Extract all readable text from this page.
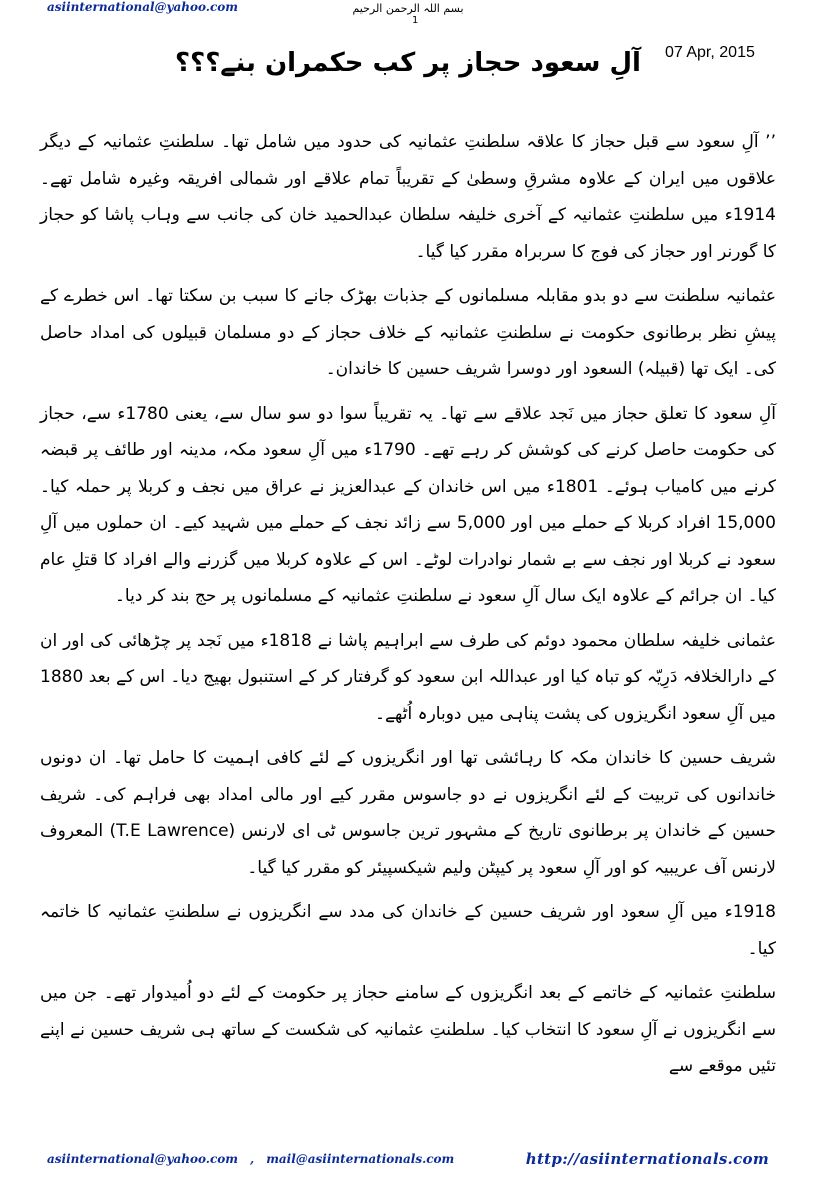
asiinternational@yahoo.com	بسم اللہ الرحمن الرحیم
1
07 Apr, 2015
آلِ سعود حجاز پر کب حکمران بنے؟؟؟

’’ آلِ سعود سے قبل حجاز کا علاقہ سلطنتِ عثمانیہ کی حدود میں شامل تھا۔ سلطنتِ عثمانیہ کے دیگر علاقوں میں ایران کے علاوہ مشرقِ وسطیٰ کے تقریباً تمام علاقے اور شمالی افریقہ وغیرہ شامل تھے۔ 1914ء میں سلطنتِ عثمانیہ کے آخری خلیفہ سلطان عبدالحمید خان کی جانب سے وہاب پاشا کو حجاز کا گورنر اور حجاز کی فوج کا سربراہ مقرر کیا گیا۔

عثمانیہ سلطنت سے دو بدو مقابلہ مسلمانوں کے جذبات بھڑک جانے کا سبب بن سکتا تھا۔ اس خطرے کے پیشِ نظر برطانوی حکومت نے سلطنتِ عثمانیہ کے خلاف حجاز کے دو مسلمان قبیلوں کی امداد حاصل کی۔ ایک تھا (قبیلہ) السعود اور دوسرا شریف حسین کا خاندان۔

آلِ سعود کا تعلق حجاز میں نَجد علاقے سے تھا۔ یہ تقریباً سوا دو سو سال سے، یعنی 1780ء سے، حجاز کی حکومت حاصل کرنے کی کوشش کر رہے تھے۔ 1790ء میں آلِ سعود مکہ، مدینہ اور طائف پر قبضہ کرنے میں کامیاب ہوئے۔ 1801ء میں اس خاندان کے عبدالعزیز نے عراق میں نجف و کربلا پر حملہ کیا۔ 15,000 افراد کربلا کے حملے میں اور 5,000 سے زائد نجف کے حملے میں شہید کیے۔ ان حملوں میں آلِ سعود نے کربلا اور نجف سے بے شمار نوادرات لوٹے۔ اس کے علاوہ کربلا میں گزرنے والے افراد کا قتلِ عام کیا۔ ان جرائم کے علاوہ ایک سال آلِ سعود نے سلطنتِ عثمانیہ کے مسلمانوں پر حج بند کر دیا۔

عثمانی خلیفہ سلطان محمود دوئم کی طرف سے ابراہیم پاشا نے 1818ء میں نَجد پر چڑھائی کی اور ان کے دارالخلافہ دَرِیّہ کو تباہ کیا اور عبداللہ ابن سعود کو گرفتار کر کے استنبول بھیج دیا۔ اس کے بعد 1880 میں آلِ سعود انگریزوں کی پشت پناہی میں دوبارہ اُٹھے۔

شریف حسین کا خاندان مکہ کا رہائشی تھا اور انگریزوں کے لئے کافی اہمیت کا حامل تھا۔ ان دونوں خاندانوں کی تربیت کے لئے انگریزوں نے دو جاسوس مقرر کیے اور مالی امداد بھی فراہم کی۔ شریف حسین کے خاندان پر برطانوی تاریخ کے مشہور ترین جاسوس ٹی ای لارنس (T.E Lawrence) المعروف لارنس آف عریبیہ کو اور آلِ سعود پر کیپٹن ولیم شیکسپیئر کو مقرر کیا گیا۔

1918ء میں آلِ سعود اور شریف حسین کے خاندان کی مدد سے انگریزوں نے سلطنتِ عثمانیہ کا خاتمہ کیا۔

سلطنتِ عثمانیہ کے خاتمے کے بعد انگریزوں کے سامنے حجاز پر حکومت کے لئے دو اُمیدوار تھے۔ جن میں سے انگریزوں نے آلِ سعود کا انتخاب کیا۔ سلطنتِ عثمانیہ کی شکست کے ساتھ ہی شریف حسین نے اپنے تئیں موقعے سے

asiinternational@yahoo.com , mail@asiinternationals.com	http://asiinternationals.com
